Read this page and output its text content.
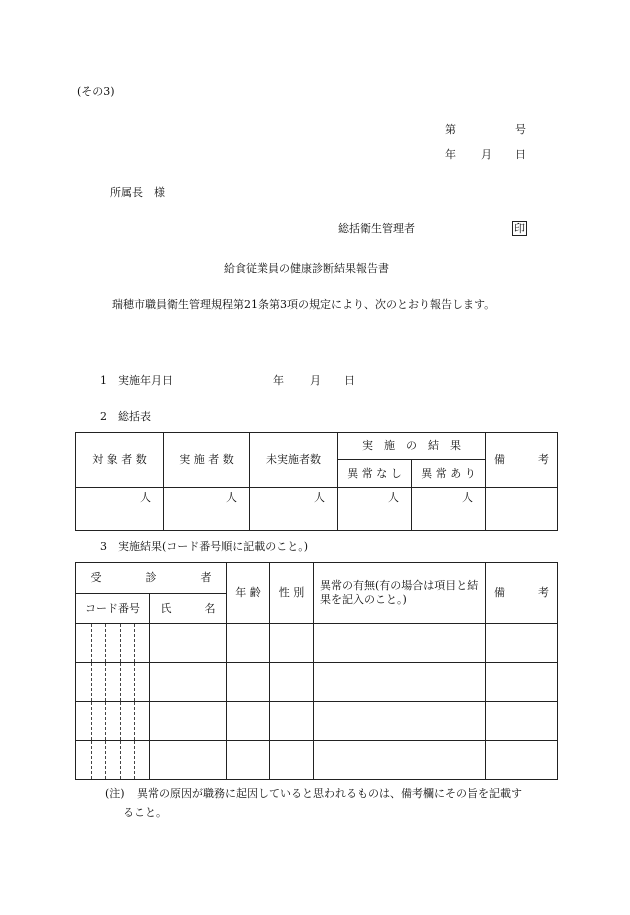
(その3)
第	号
年 月 日
所属長　様
総括衛生管理者	印
給食従業員の健康診断結果報告書
瑞穂市職員衛生管理規程第21条第3項の規定により、次のとおり報告します。
1　実施年月日	年 月 日
2　総括表
対 象 者 数	実 施 者 数	未実施者数	実　施　の　結　果		備　　　考
			異 常 な し	異 常 あ り	
人	人	人	人	人	
3　実施結果(コード番号順に記載のこと。)
受　　　　診　　　　者		年 齢	性 別	異常の有無(有の場合は項目と結果を記入のこと。)	備　　　考
コード番号	氏　　　名				

(注) 異常の原因が職務に起因していると思われるものは、備考欄にその旨を記載す
ること。
